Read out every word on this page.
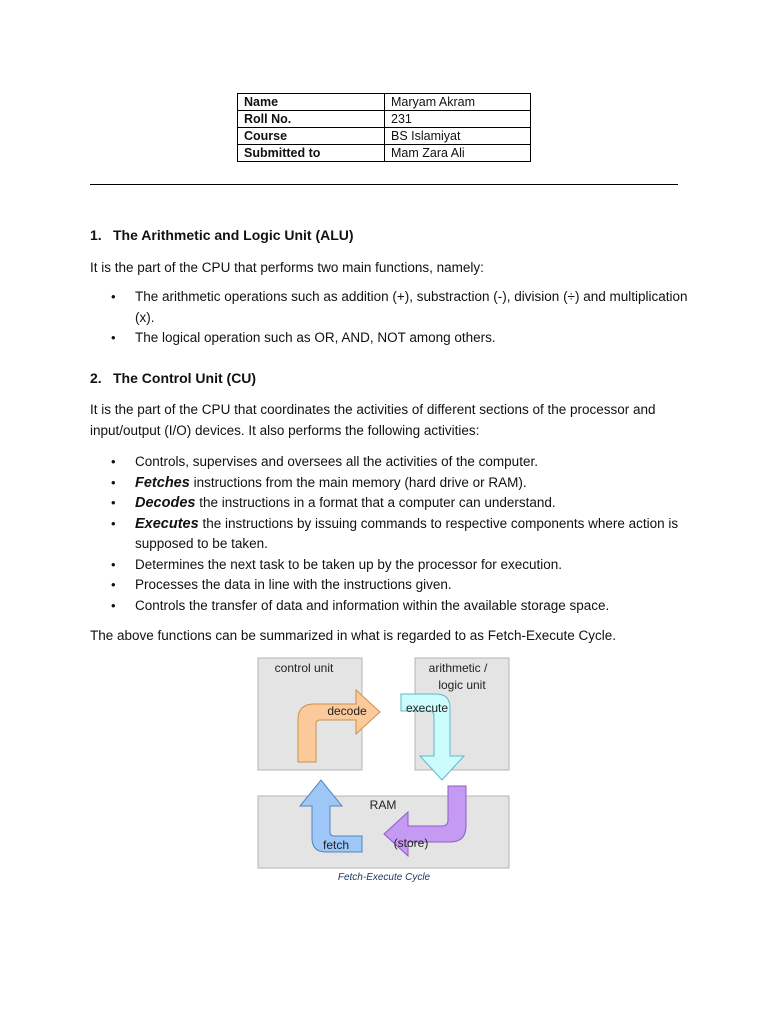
Name	Maryam Akram
Roll No.	231
Course	BS Islamiyat
Submitted to	Mam Zara Ali
1. The Arithmetic and Logic Unit (ALU)
It is the part of the CPU that performs two main functions, namely:
• The arithmetic operations such as addition (+), substraction (-), division (÷) and multiplication (x).
• The logical operation such as OR, AND, NOT among others.
2. The Control Unit (CU)
It is the part of the CPU that coordinates the activities of different sections of the processor and input/output (I/O) devices. It also performs the following activities:
• Controls, supervises and oversees all the activities of the computer.
• Fetches instructions from the main memory (hard drive or RAM).
• Decodes the instructions in a format that a computer can understand.
• Executes the instructions by issuing commands to respective components where action is supposed to be taken.
• Determines the next task to be taken up by the processor for execution.
• Processes the data in line with the instructions given.
• Controls the transfer of data and information within the available storage space.
The above functions can be summarized in what is regarded to as Fetch-Execute Cycle.
control unit	arithmetic /
logic unit
RAM
decode	execute
fetch	(store)
Fetch-Execute Cycle
